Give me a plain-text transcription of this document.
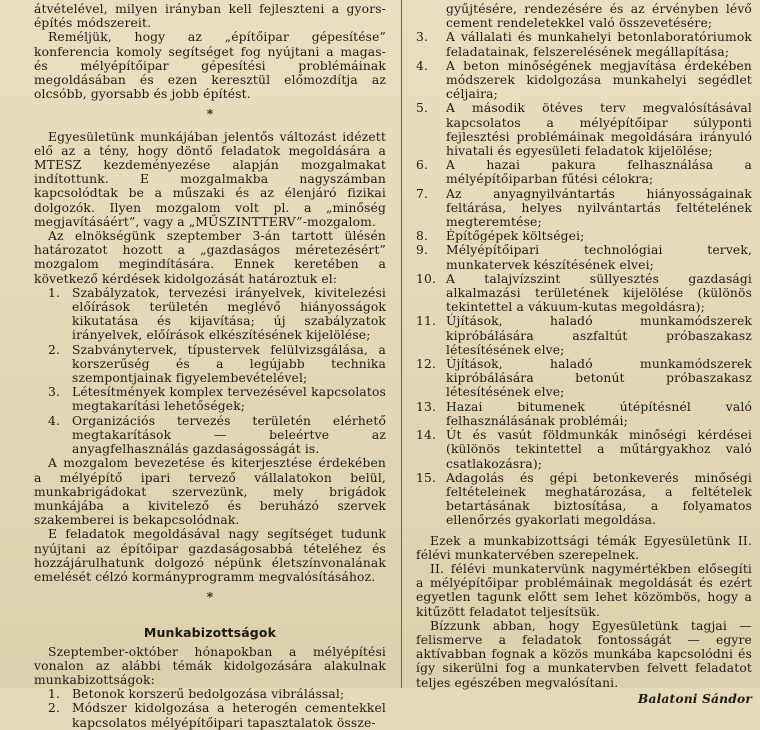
átvételével, milyen irányban kell fejleszteni a gyors-építés módszereit.

Reméljük, hogy az „építőipar gépesítése” konferencia komoly segítséget fog nyújtani a magas- és mélyépítőipar gépesítési problémáinak megoldásában és ezen keresztül előmozdítja az olcsóbb, gyorsabb és jobb építést.

*

Egyesületünk munkájában jelentős változást idézett elő az a tény, hogy döntő feladatok megoldására a MTESZ kezdeményezése alapján mozgalmakat indítottunk. E mozgalmakba nagyszámban kapcsolódtak be a műszaki és az élenjáró fizikai dolgozók. Ilyen mozgalom volt pl. a „minőség megjavításáért”, vagy a „MŰSZINTTERV”-mozgalom.

Az elnökségünk szeptember 3-án tartott ülésén határozatot hozott a „gazdaságos méretezésért” mozgalom megindítására. Ennek keretében a következő kérdések kidolgozását határoztuk el:

1. Szabályzatok, tervezési irányelvek, kivitelezési előírások területén meglévő hiányosságok kikutatása és kijavítása; új szabályzatok irányelvek, előírások elkészítésének kijelölése;
2. Szabványtervek, típustervek felülvizsgálása, a korszerűség és a legújabb technika szempontjainak figyelembevételével;
3. Létesítmények komplex tervezésével kapcsolatos megtakarítási lehetőségek;
4. Organizációs tervezés területén elérhető megtakarítások — beleértve az anyagfelhasználás gazdaságosságát is.

A mozgalom bevezetése és kiterjesztése érdekében a mélyépítő ipari tervező vállalatokon belül, munkabrigádokat szervezünk, mely brigádok munkájába a kivitelező és beruházó szervek szakemberei is bekapcsolódnak.

E feladatok megoldásával nagy segítséget tudunk nyújtani az építőipar gazdaságosabbá tételéhez és hozzájárulhatunk dolgozó népünk életszínvonalának emelését célzó kormányprogramm megvalósításához.

*

Munkabizottságok

Szeptember-október hónapokban a mélyépítési vonalon az alábbi témák kidolgozására alakulnak munkabizottságok:

1. Betonok korszerű bedolgozása vibrálással;
2. Módszer kidolgozása a heterogén cementekkel kapcsolatos mélyépítőipari tapasztalatok össze-

gyűjtésére, rendezésére és az érvényben lévő cement rendeletekkel való összevetésére;

3.	A vállalati és munkahelyi betonlaboratóriumok feladatainak, felszerelésének megállapítása;
4.	A beton minőségének megjavítása érdekében módszerek kidolgozása munkahelyi segédlet céljaira;
5.	A második ötéves terv megvalósításával kapcsolatos a mélyépítőipar súlyponti fejlesztési problémáinak megoldására irányuló hivatali és egyesületi feladatok kijelölése;
6.	A hazai pakura felhasználása a mélyépítőiparban fűtési célokra;
7.	Az anyagnyilvántartás hiányosságainak feltárása, helyes nyilvántartás feltételének megteremtése;
8.	Építőgépek költségei;
9.	Mélyépítőipari technológiai tervek, munkatervek készítésének elvei;
10. A talajvízszint süllyesztés gazdasági alkalmazási területének kijelölése (különös tekintettel a vákuum-kutas megoldásra);
11. Újítások, haladó munkamódszerek kipróbálására aszfaltút próbaszakasz létesítésének elve;
12. Újítások, haladó munkamódszerek kipróbálására betonút próbaszakasz létesítésének elve;
13. Hazai bitumenek útépítésnél való felhasználásának problémái;
14. Út és vasút földmunkák minőségi kérdései (különös tekintettel a műtárgyakhoz való csatlakozásra);
15. Adagolás és gépi betonkeverés minőségi feltételeinek meghatározása, a feltételek betartásának biztosítása, a folyamatos ellenőrzés gyakorlati megoldása.

Ezek a munkabizottsági témák Egyesületünk II. félévi munkatervében szerepelnek.

II. félévi munkatervünk nagymértékben elősegíti a mélyépítőipar problémáinak megoldását és ezért egyetlen tagunk előtt sem lehet közömbös, hogy a kitűzött feladatot teljesítsük.

Bízzunk abban, hogy Egyesületünk tagjai — felismerve a feladatok fontosságát — egyre aktívabban fognak a közös munkába kapcsolódni és így sikerülni fog a munkatervben felvett feladatot teljes egészében megvalósítani.

Balatoni Sándor
